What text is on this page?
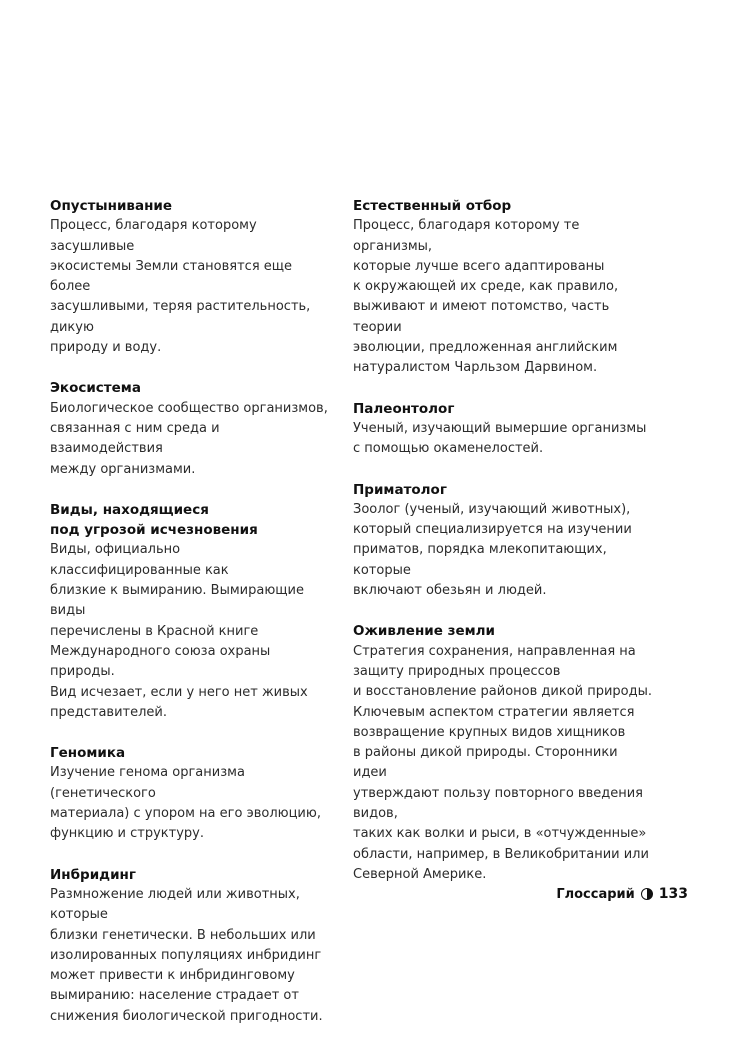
Опустынивание

Процесс, благодаря которому засушливые
экосистемы Земли становятся еще более
засушливыми, теряя растительность, дикую
природу и воду.

Экосистема

Биологическое сообщество организмов,
связанная с ним среда и взаимодействия
между организмами.

Виды, находящиеся
под угрозой исчезновения

Виды, официально классифицированные как
близкие к вымиранию. Вымирающие виды
перечислены в Красной книге
Международного союза охраны природы.
Вид исчезает, если у него нет живых
представителей.

Геномика

Изучение генома организма (генетического
материала) с упором на его эволюцию,
функцию и структуру.

Инбридинг

Размножение людей или животных, которые
близки генетически. В небольших или
изолированных популяциях инбридинг
может привести к инбридинговому
вымиранию: население страдает от
снижения биологической пригодности.

Естественный отбор

Процесс, благодаря которому те организмы,
которые лучше всего адаптированы
к окружающей их среде, как правило,
выживают и имеют потомство, часть теории
эволюции, предложенная английским
натуралистом Чарльзом Дарвином.

Палеонтолог

Ученый, изучающий вымершие организмы
с помощью окаменелостей.

Приматолог

Зоолог (ученый, изучающий животных),
который специализируется на изучении
приматов, порядка млекопитающих, которые
включают обезьян и людей.

Оживление земли

Стратегия сохранения, направленная на
защиту природных процессов
и восстановление районов дикой природы.
Ключевым аспектом стратегии является
возвращение крупных видов хищников
в районы дикой природы. Сторонники идеи
утверждают пользу повторного введения видов,
таких как волки и рыси, в «отчужденные»
области, например, в Великобритании или
Северной Америке.
Глоссарий 133
